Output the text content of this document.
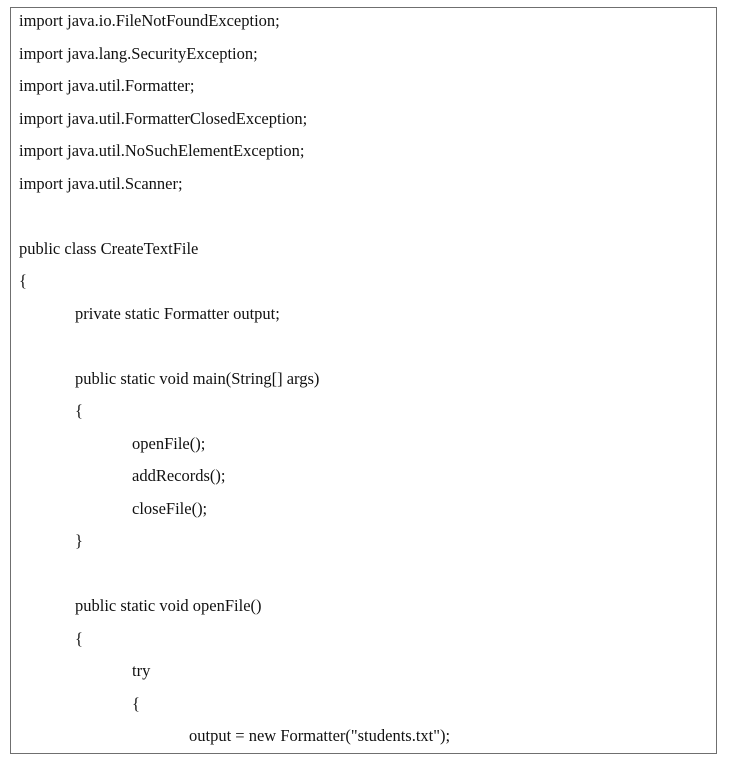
import java.io.FileNotFoundException;
import java.lang.SecurityException;
import java.util.Formatter;
import java.util.FormatterClosedException;
import java.util.NoSuchElementException;
import java.util.Scanner;
public class CreateTextFile
{
private static Formatter output;
public static void main(String[] args)
{
openFile();
addRecords();
closeFile();
}
public static void openFile()
{
try
{
output = new Formatter("students.txt");
